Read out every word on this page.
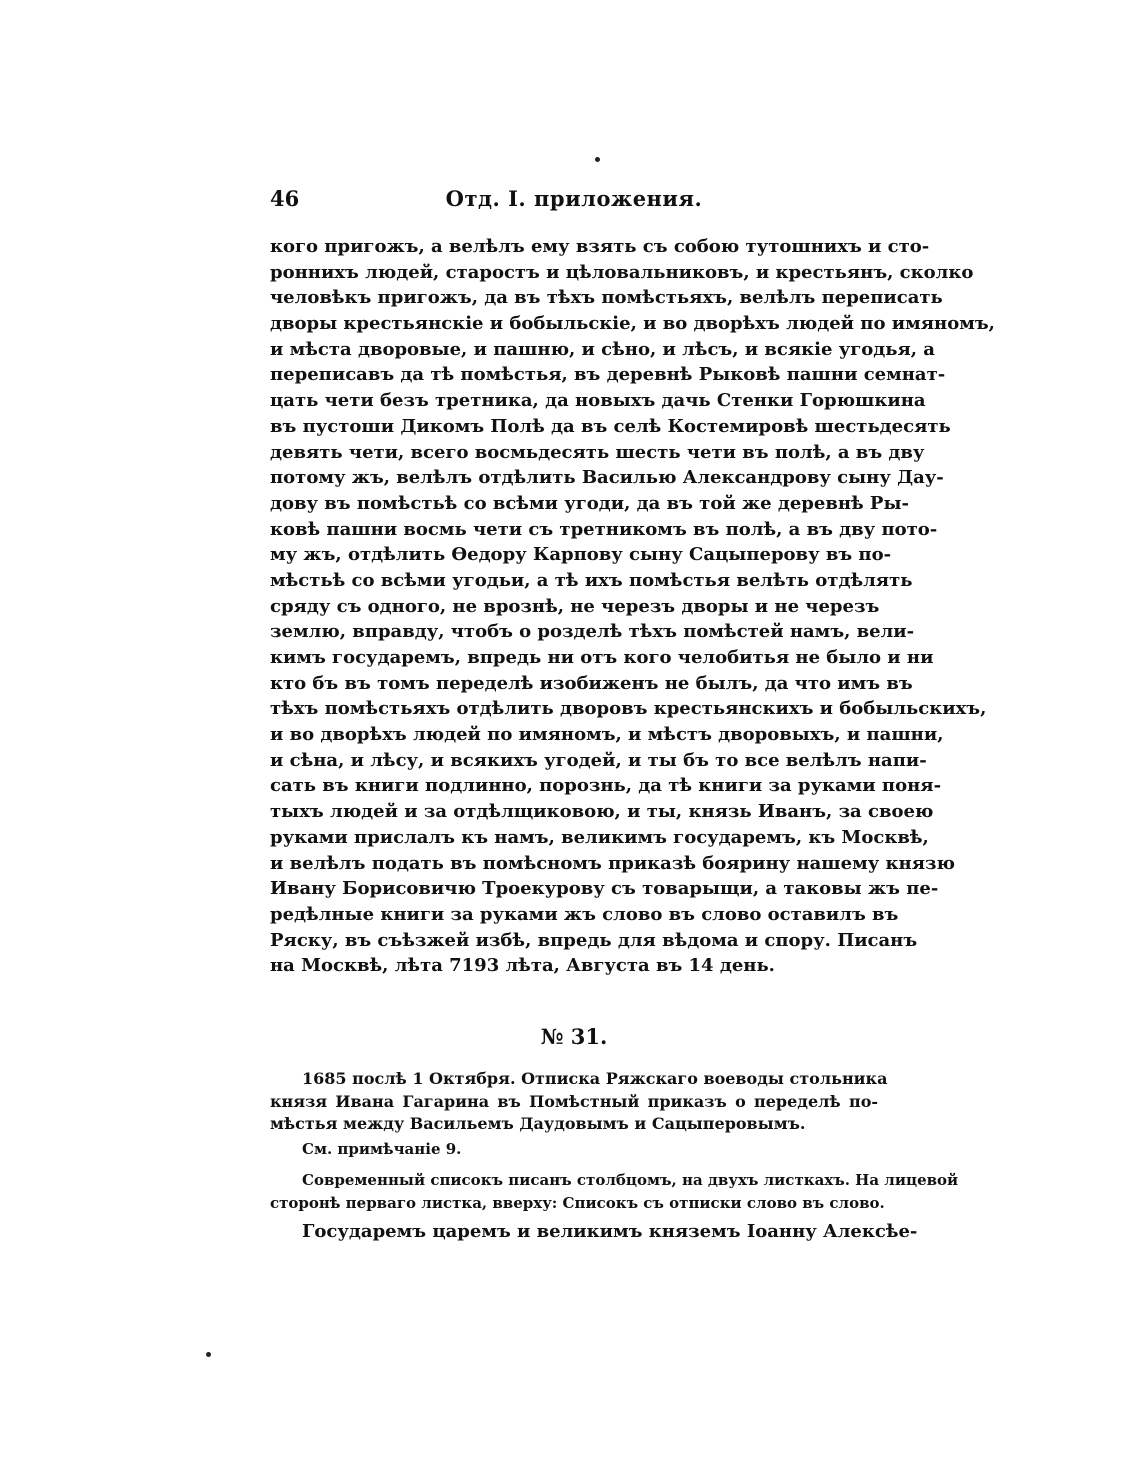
46	Отд. I. приложения.
кого пригожъ, а велѣлъ ему взять съ собою тутошнихъ и сто-
роннихъ людей, старостъ и цѣловальниковъ, и крестьянъ, сколко
человѣкъ пригожъ, да въ тѣхъ помѣстьяхъ, велѣлъ переписать
дворы крестьянскіе и бобыльскіе, и во дворѣхъ людей по имяномъ,
и мѣста дворовые, и пашню, и сѣно, и лѣсъ, и всякіе угодья, а
переписавъ да тѣ помѣстья, въ деревнѣ Рыковѣ пашни семнат-
цать чети безъ третника, да новыхъ дачь Стенки Горюшкина
въ пустоши Дикомъ Полѣ да въ селѣ Костемировѣ шестьдесять
девять чети, всего восмьдесять шесть чети въ полѣ, а въ дву
потому жъ, велѣлъ отдѣлить Василью Александрову сыну Дау-
дову въ помѣстьѣ со всѣми угоди, да въ той же деревнѣ Ры-
ковѣ пашни восмь чети съ третникомъ въ полѣ, а въ дву пото-
му жъ, отдѣлить Ѳедору Карпову сыну Сацыперову въ по-
мѣстьѣ со всѣми угодьи, а тѣ ихъ помѣстья велѣть отдѣлять
сряду съ одного, не врознѣ, не черезъ дворы и не черезъ
землю, вправду, чтобъ о розделѣ тѣхъ помѣстей намъ, вели-
кимъ государемъ, впредь ни отъ кого челобитья не было и ни
кто бъ въ томъ переделѣ изобиженъ не былъ, да что имъ въ
тѣхъ помѣстьяхъ отдѣлить дворовъ крестьянскихъ и бобыльскихъ,
и во дворѣхъ людей по имяномъ, и мѣстъ дворовыхъ, и пашни,
и сѣна, и лѣсу, и всякихъ угодей, и ты бъ то все велѣлъ напи-
сать въ книги подлинно, порознь, да тѣ книги за руками поня-
тыхъ людей и за отдѣлщиковою, и ты, князь Иванъ, за своею
руками прислалъ къ намъ, великимъ государемъ, къ Москвѣ,
и велѣлъ подать въ помѣсномъ приказѣ боярину нашему князю
Ивану Борисовичю Троекурову съ товарыщи, а таковы жъ пе-
редѣлные книги за руками жъ слово въ слово оставилъ въ
Ряску, въ съѣзжей избѣ, впредь для вѣдома и спору. Писанъ
на Москвѣ, лѣта 7193 лѣта, Августа въ 14 день.
№ 31.
1685 послѣ 1 Октября. Отписка Ряжскаго воеводы стольника
князя Ивана Гагарина въ Помѣстный приказъ о переделѣ по-
мѣстья между Васильемъ Даудовымъ и Сацыперовымъ.
См. примѣчаніе 9.
Современный списокъ писанъ столбцомъ, на двухъ листкахъ. На лицевой
сторонѣ перваго листка, вверху: Списокъ съ отписки слово въ слово.
Государемъ царемъ и великимъ княземъ Іоанну Алексѣе-
